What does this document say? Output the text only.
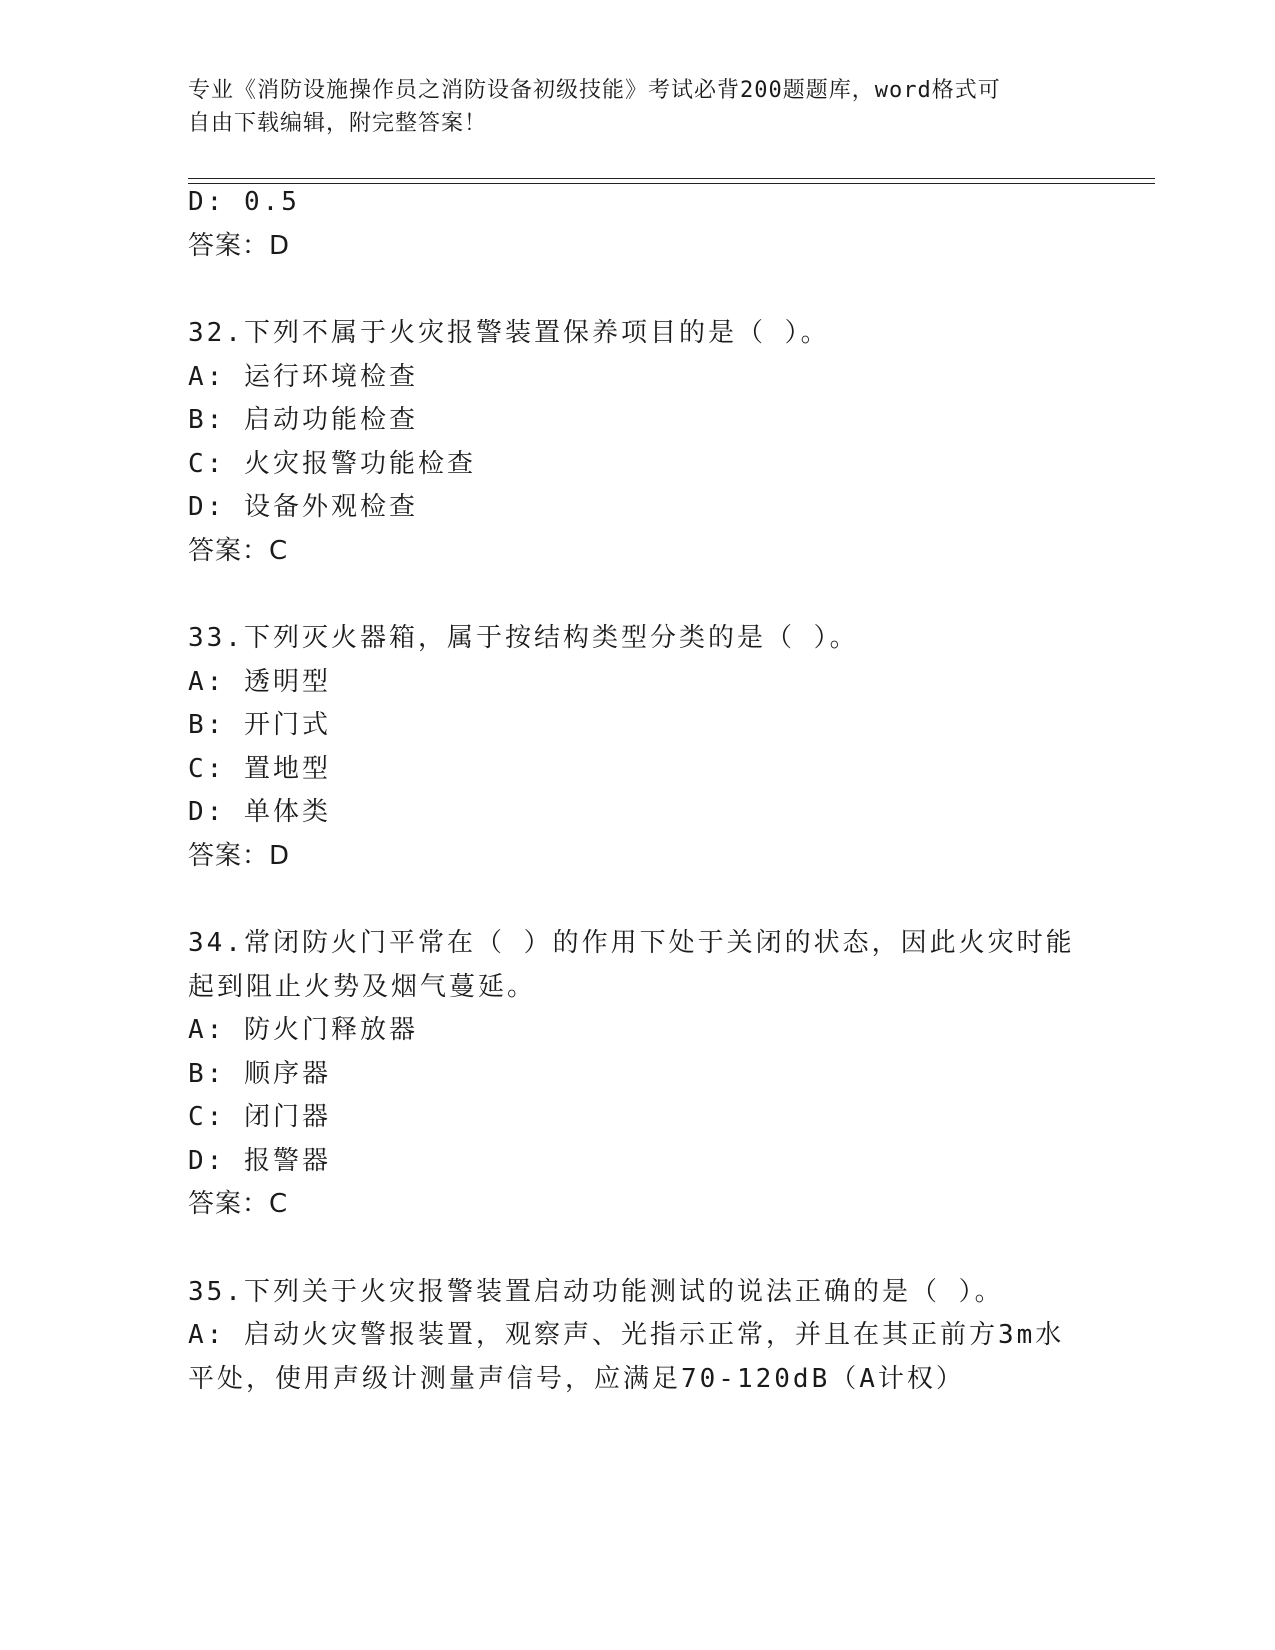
专业《消防设施操作员之消防设备初级技能》考试必背200题题库，word格式可
自由下载编辑，附完整答案！
D: 0.5
答案：D
32.下列不属于火灾报警装置保养项目的是（ ）。
A: 运行环境检查
B: 启动功能检查
C: 火灾报警功能检查
D: 设备外观检查
答案：C
33.下列灭火器箱，属于按结构类型分类的是（ ）。
A: 透明型
B: 开门式
C: 置地型
D: 单体类
答案：D
34.常闭防火门平常在（ ）的作用下处于关闭的状态，因此火灾时能
起到阻止火势及烟气蔓延。
A: 防火门释放器
B: 顺序器
C: 闭门器
D: 报警器
答案：C
35.下列关于火灾报警装置启动功能测试的说法正确的是（ ）。
A: 启动火灾警报装置，观察声、光指示正常，并且在其正前方3m水
平处，使用声级计测量声信号，应满足70-120dB（A计权）
